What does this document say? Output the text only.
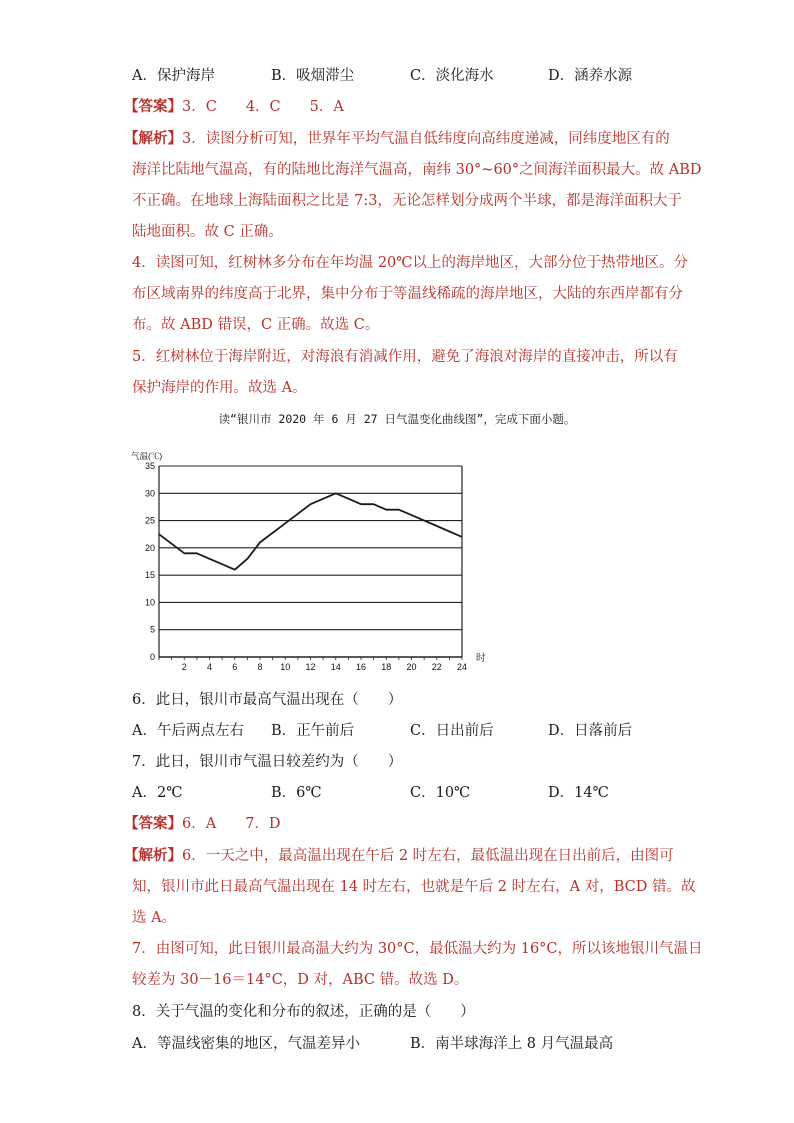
A．保护海岸	B．吸烟滞尘	C．淡化海水	D．涵养水源
【答案】3．C　　4．C　　5．A
【解析】3．读图分析可知，世界年平均气温自低纬度向高纬度递减，同纬度地区有的
海洋比陆地气温高，有的陆地比海洋气温高，南纬 30°~60°之间海洋面积最大。故 ABD
不正确。在地球上海陆面积之比是 7:3，无论怎样划分成两个半球，都是海洋面积大于
陆地面积。故 C 正确。
4．读图可知，红树林多分布在年均温 20℃以上的海岸地区，大部分位于热带地区。分
布区域南界的纬度高于北界，集中分布于等温线稀疏的海岸地区，大陆的东西岸都有分
布。故 ABD 错误，C 正确。故选 C。
5．红树林位于海岸附近，对海浪有消减作用，避免了海浪对海岸的直接冲击，所以有
保护海岸的作用。故选 A。
读“银川市 2020 年 6 月 27 日气温变化曲线图”，完成下面小题。
0
5
10
15
20
25
30
35
2 4 6 8 10 12 14 16 18 20 22 24
气温(℃)
时
6．此日，银川市最高气温出现在（　　）
A．午后两点左右 B．正午前后	C．日出前后	D．日落前后
7．此日，银川市气温日较差约为（　　）
A．2℃	B．6℃	C．10℃	D．14℃
【答案】6．A　　7．D
【解析】6．一天之中，最高温出现在午后 2 时左右，最低温出现在日出前后，由图可
知，银川市此日最高气温出现在 14 时左右，也就是午后 2 时左右，A 对，BCD 错。故
选 A。
7．由图可知，此日银川最高温大约为 30°C，最低温大约为 16°C，所以该地银川气温日
较差为 30－16＝14°C，D 对，ABC 错。故选 D。
8．关于气温的变化和分布的叙述，正确的是（　　）
A．等温线密集的地区，气温差异小	B．南半球海洋上 8 月气温最高
